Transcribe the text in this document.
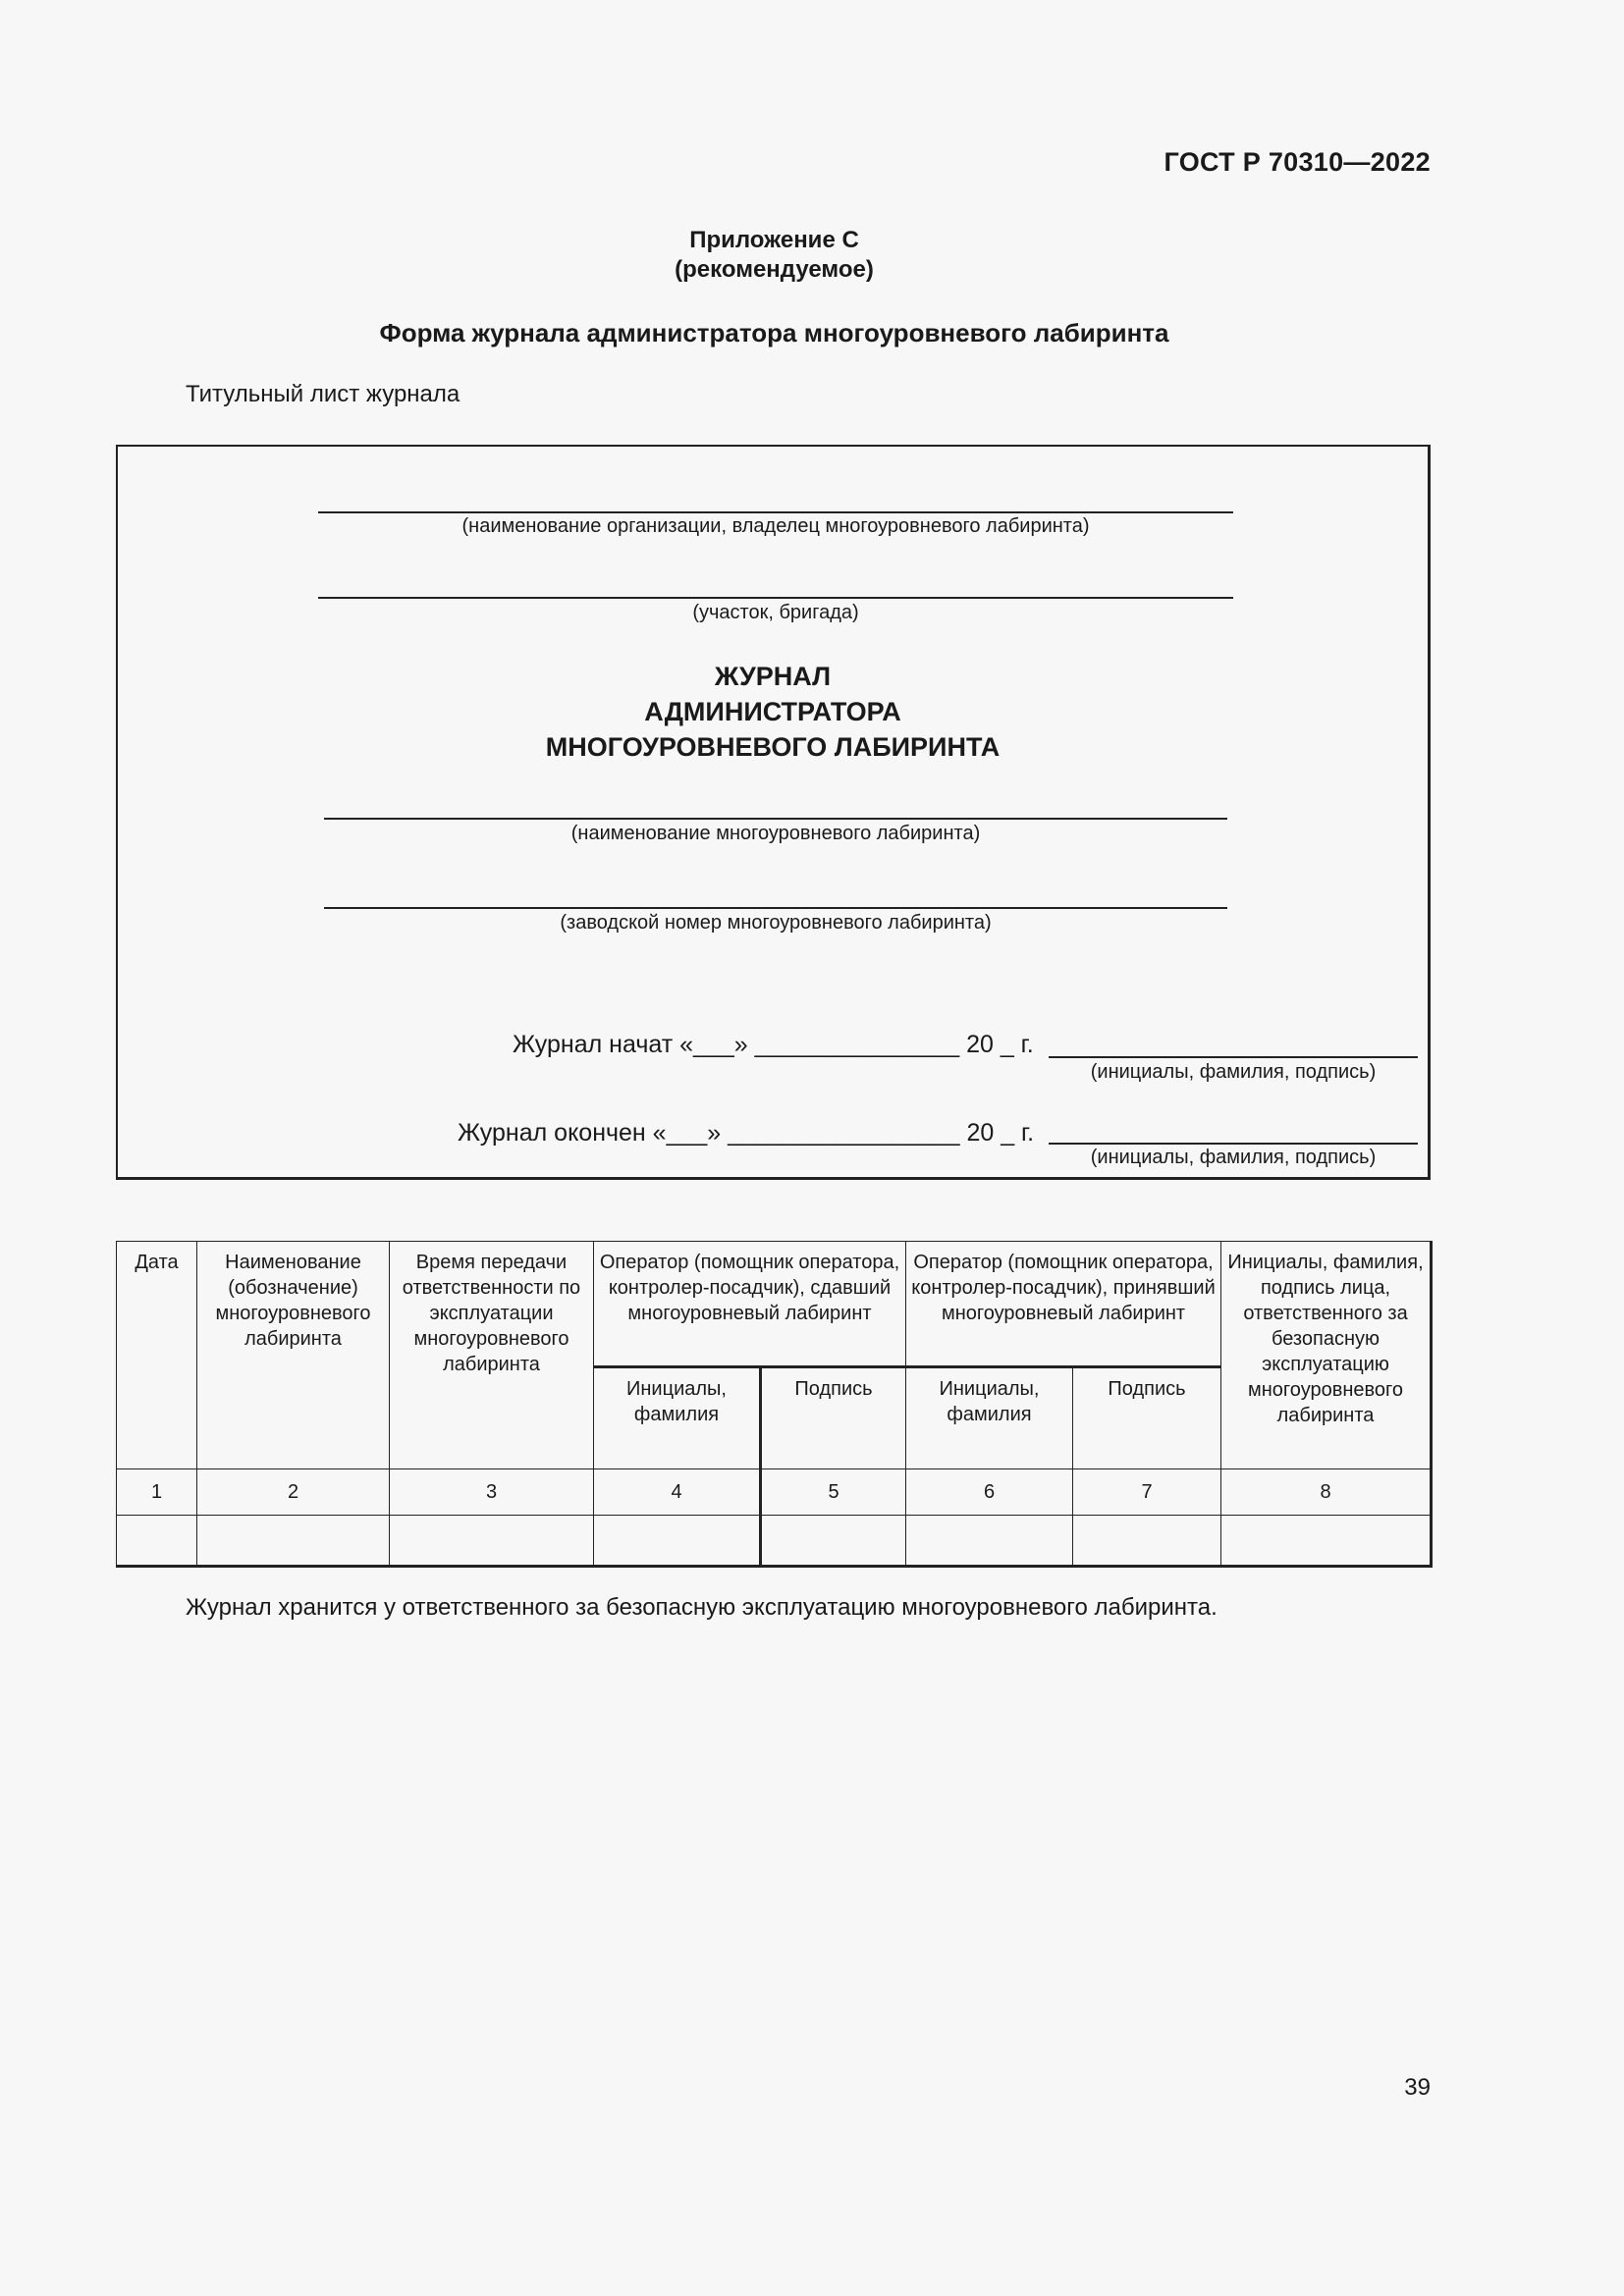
ГОСТ Р 70310—2022
Приложение С
(рекомендуемое)
Форма журнала администратора многоуровневого лабиринта
Титульный лист журнала
(наименование организации, владелец многоуровневого лабиринта)
(участок, бригада)
ЖУРНАЛ
АДМИНИСТРАТОРА
МНОГОУРОВНЕВОГО ЛАБИРИНТА
(наименование многоуровневого лабиринта)
(заводской номер многоуровневого лабиринта)
Журнал начат «___» _______________ 20 _ г.
(инициалы, фамилия, подпись)
Журнал окончен «___» _________________ 20 _ г.
(инициалы, фамилия, подпись)
Дата	Наименование (обозначение) многоуровневого лабиринта	Время передачи ответственности по эксплуатации многоуровневого лабиринта	Оператор (помощник оператора, контролер-посадчик), сдавший многоуровневый лабиринт		Оператор (помощник оператора, контролер-посадчик), принявший многоуровневый лабиринт		Инициалы, фамилия, подпись лица, ответственного за безопасную эксплуатацию многоуровневого лабиринта
			Инициалы, фамилия	Подпись	Инициалы, фамилия	Подпись	
1	2	3	4	5	6	7	8

Журнал хранится у ответственного за безопасную эксплуатацию многоуровневого лабиринта.
39
